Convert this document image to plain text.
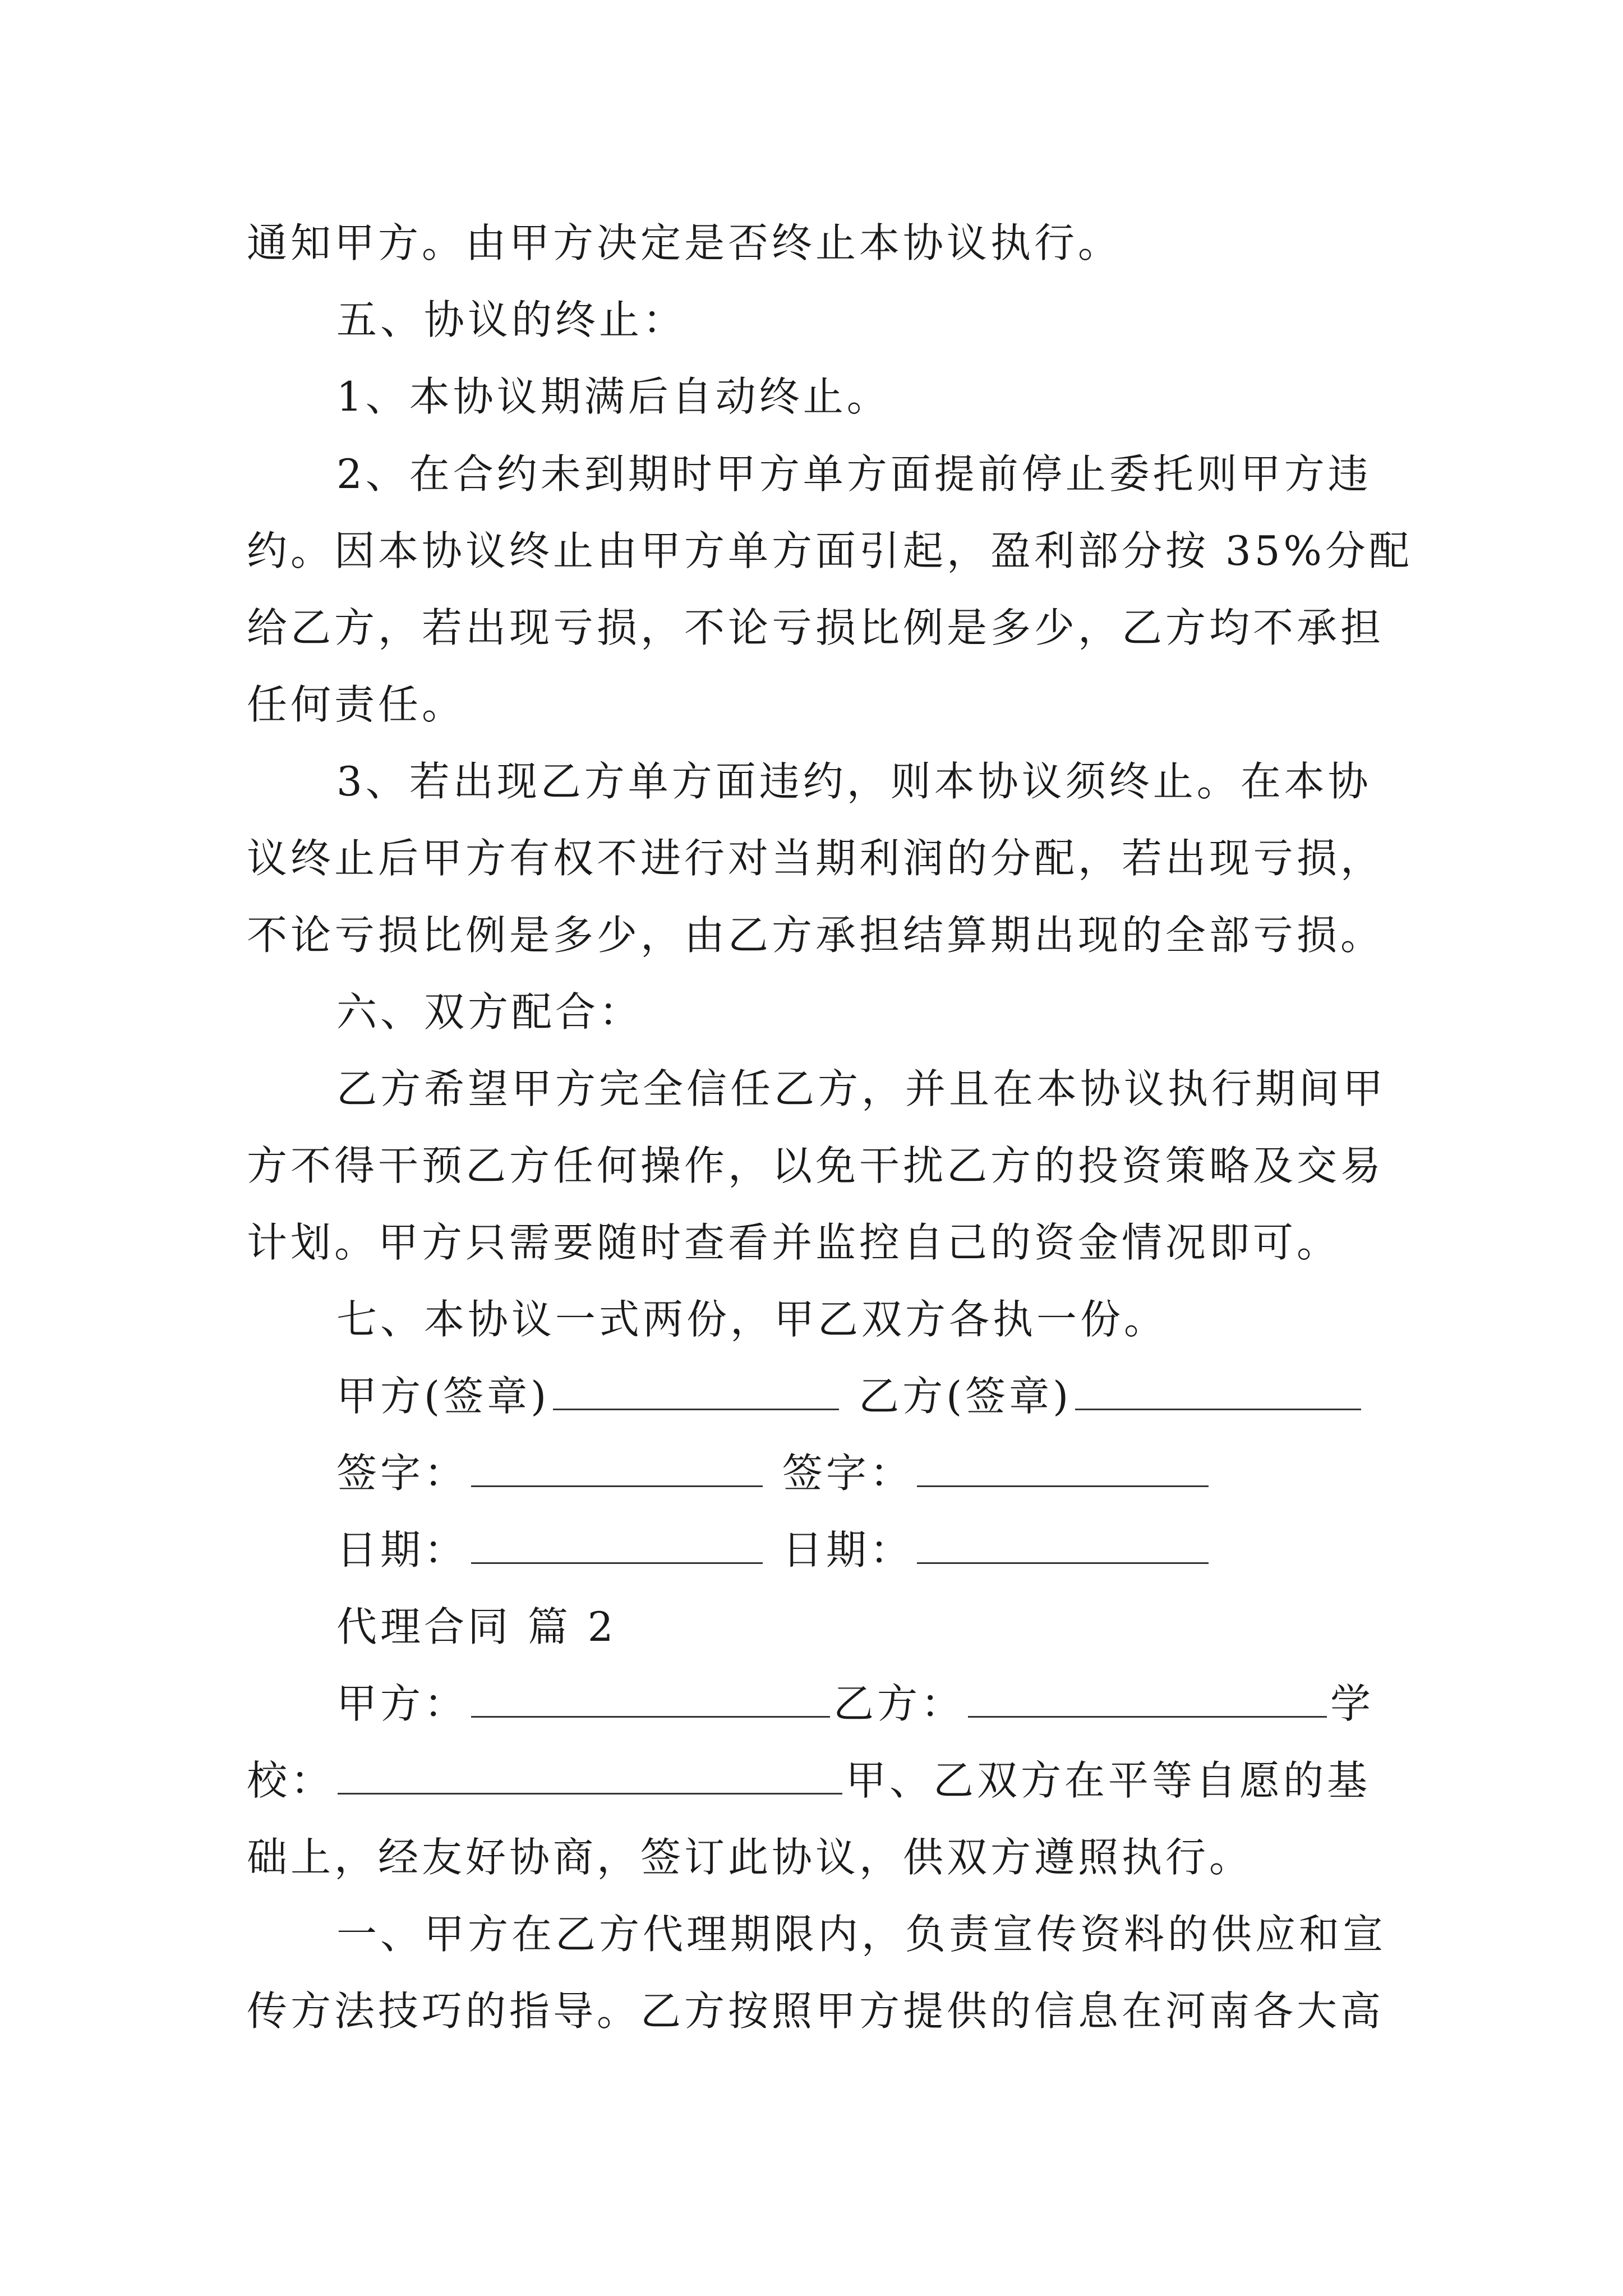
通知甲方。由甲方决定是否终止本协议执行。
五、协议的终止：
1、本协议期满后自动终止。
2、在合约未到期时甲方单方面提前停止委托则甲方违
约。因本协议终止由甲方单方面引起，盈利部分按 35%分配
给乙方，若出现亏损，不论亏损比例是多少，乙方均不承担
任何责任。
3、若出现乙方单方面违约，则本协议须终止。在本协
议终止后甲方有权不进行对当期利润的分配，若出现亏损，
不论亏损比例是多少，由乙方承担结算期出现的全部亏损。
六、双方配合：
乙方希望甲方完全信任乙方，并且在本协议执行期间甲
方不得干预乙方任何操作，以免干扰乙方的投资策略及交易
计划。甲方只需要随时查看并监控自己的资金情况即可。
七、本协议一式两份，甲乙双方各执一份。
甲方(签章)	乙方(签章)
签字：	签字：
日期：	日期：
代理合同 篇 2
甲方：	乙方：	学
校：	甲、乙双方在平等自愿的基
础上，经友好协商，签订此协议，供双方遵照执行。
一、甲方在乙方代理期限内，负责宣传资料的供应和宣
传方法技巧的指导。乙方按照甲方提供的信息在河南各大高
